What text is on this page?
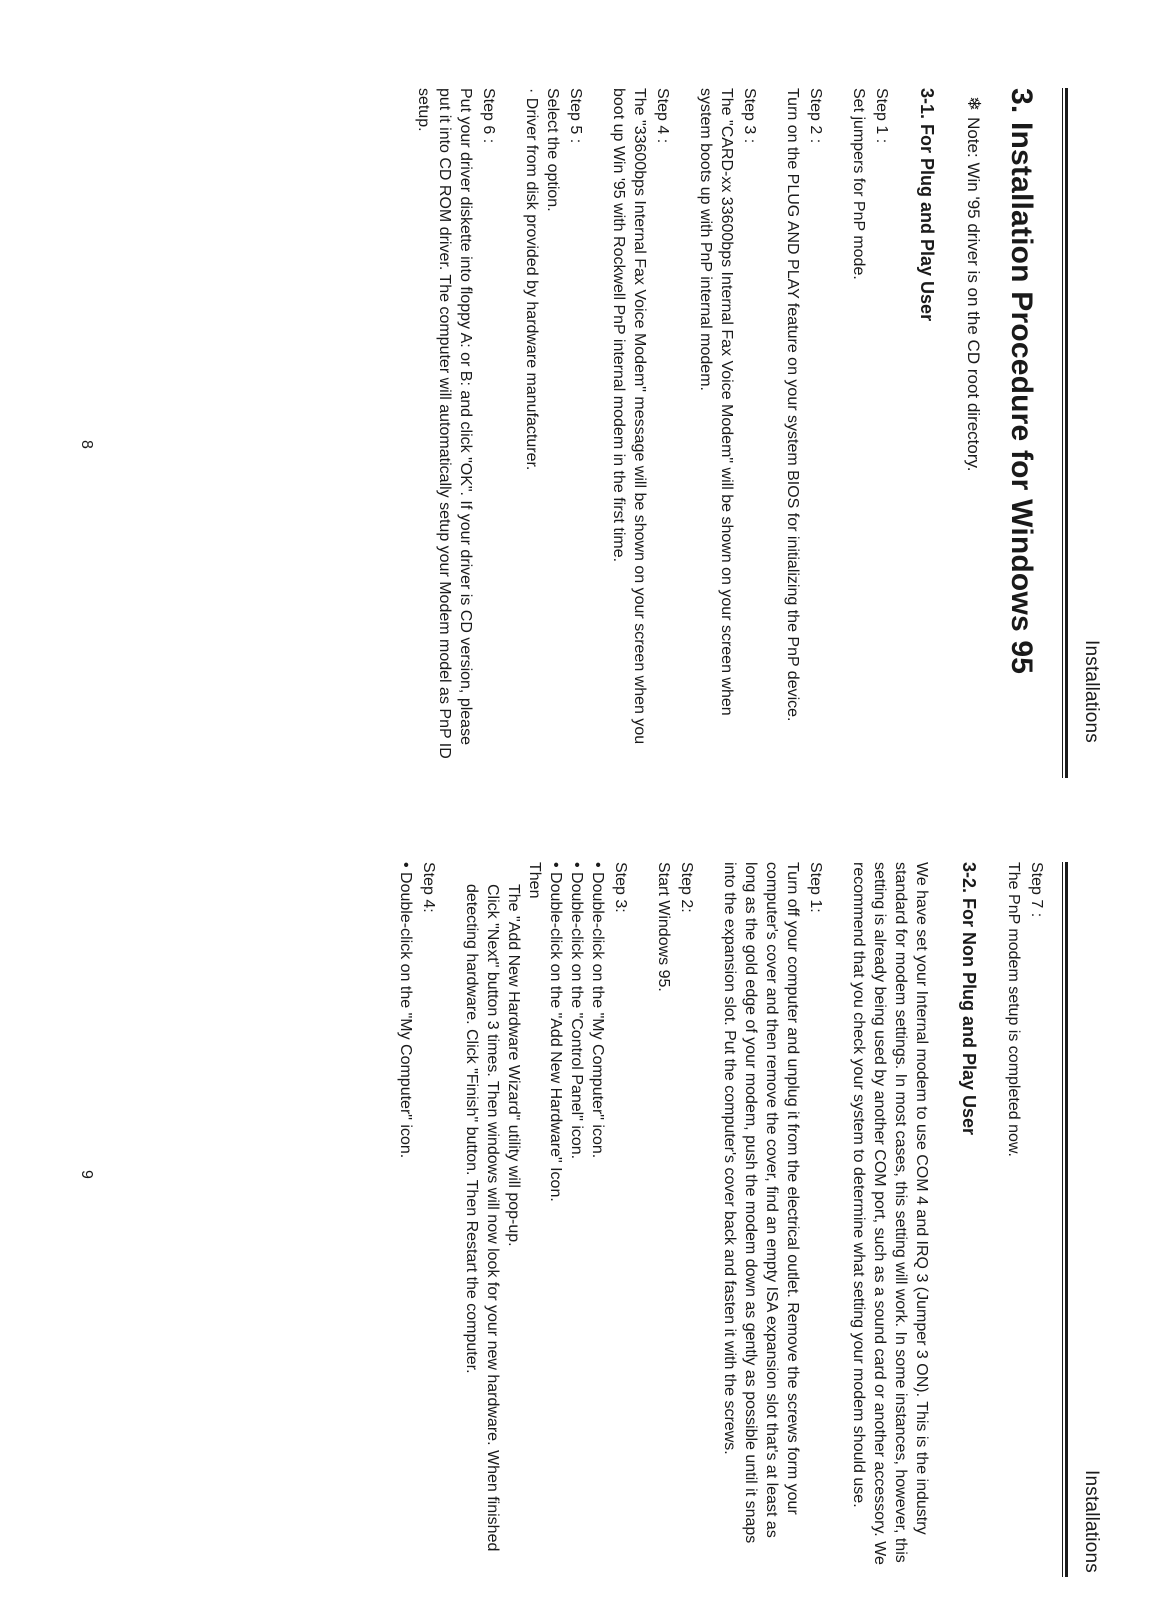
Installations
3. Installation Procedure for Windows 95
❄
Note: Win '95 driver is on the CD root directory.
3-1. For Plug and Play User

Step 1 :

Set jumpers for PnP mode.

Step 2 :

Turn on the PLUG AND PLAY feature on your system BIOS for initializing the PnP device.

Step 3 :

The "CARD-xx 33600bps Internal Fax Voice Modem" will be shown on your screen when system boots up with PnP internal modem.

Step 4 :

The "33600bps Internal Fax Voice Modem" message will be shown on your screen when you boot up Win '95 with Rockwell PnP internal modem in the first time.

Step 5 :

Select the option.

· Driver from disk provided by hardware manufacturer.

Step 6 :

Put your driver diskette into floppy A: or B: and click "OK". If your driver is CD version, please put it into CD ROM driver. The computer will automatically setup your Modem model as PnP ID setup.

8
Installations

Step 7 :

The PnP modem setup is completed now.

3-2. For Non Plug and Play User

We have set your Internal modem to use COM 4 and IRQ 3 (Jumper 3 ON). This is the industry standard for modem settings. In most cases, this setting will work. In some instances, however, this setting is already being used by another COM port, such as a sound card or another accessory. We recommend that you check your system to determine what setting your modem should use.

Step 1:

Turn off your computer and unplug it from the electrical outlet. Remove the screws form your computer's cover and then remove the cover, find an empty ISA expansion slot that's at least as long as the gold edge of your modem, push the modem down as gently as possible until it snaps into the expansion slot. Put the computer's cover back and fasten it with the screws.

Step 2:

Start Windows 95.

Step 3:

• Double-click on the "My Computer" icon.

• Double-click on the "Control Panel" icon.

• Double-click on the "Add New Hardware" Icon.

Then

The "Add New Hardware Wizard" utility will pop-up.

Click "Next" button 3 times. Then windows will now look for your new hardware. When finished detecting hardware. Click "Finish" button. Then Restart the computer.

Step 4:

• Double-click on the "My Computer" icon.

9
